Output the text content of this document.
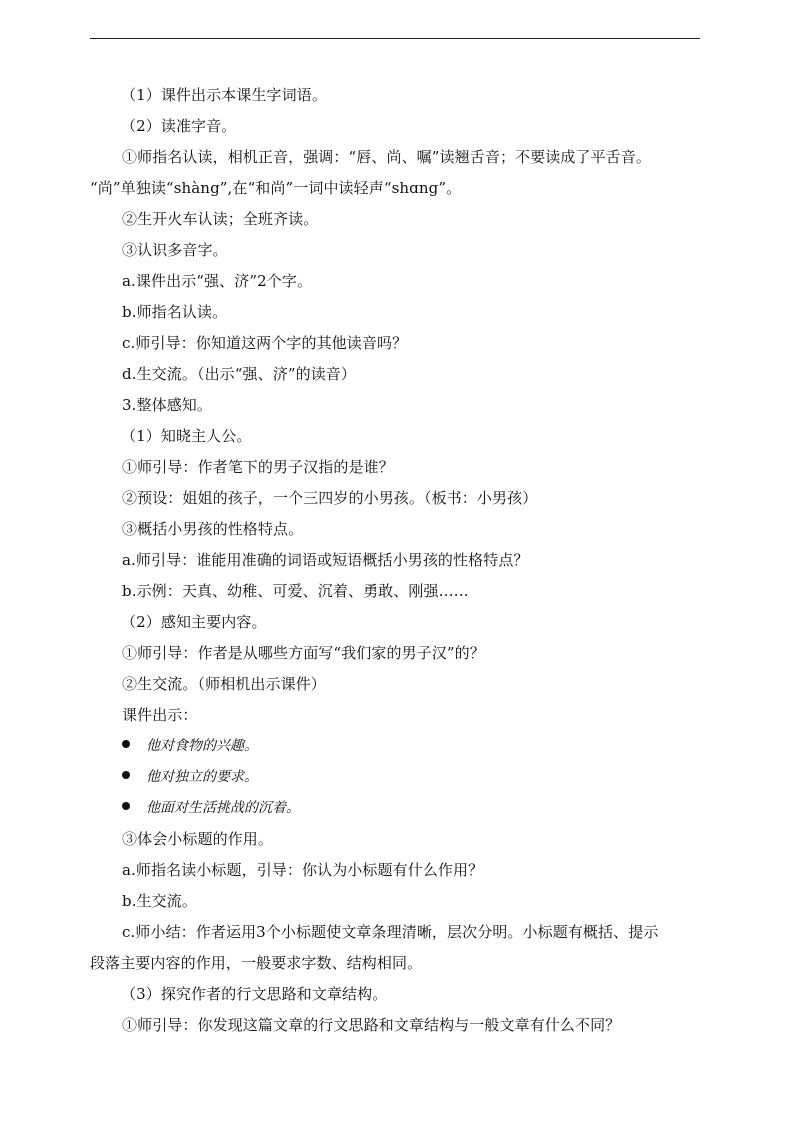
（1）课件出示本课生字词语。
（2）读准字音。
①师指名认读，相机正音，强调：“唇、尚、嘱”读翘舌音；不要读成了平舌音。
“尚”单独读“shàng”,在“和尚”一词中读轻声“shɑng”。
②生开火车认读；全班齐读。
③认识多音字。
a.课件出示“强、济”2个字。
b.师指名认读。
c.师引导：你知道这两个字的其他读音吗？
d.生交流。（出示“强、济”的读音）
3.整体感知。
（1）知晓主人公。
①师引导：作者笔下的男子汉指的是谁？
②预设：姐姐的孩子，一个三四岁的小男孩。（板书：小男孩）
③概括小男孩的性格特点。
a.师引导：谁能用准确的词语或短语概括小男孩的性格特点？
b.示例：天真、幼稚、可爱、沉着、勇敢、刚强……
（2）感知主要内容。
①师引导：作者是从哪些方面写“我们家的男子汉”的？
②生交流。（师相机出示课件）
课件出示：
他对食物的兴趣。
他对独立的要求。
他面对生活挑战的沉着。
③体会小标题的作用。
a.师指名读小标题，引导：你认为小标题有什么作用？
b.生交流。
c.师小结：作者运用3个小标题使文章条理清晰，层次分明。小标题有概括、提示
段落主要内容的作用，一般要求字数、结构相同。
（3）探究作者的行文思路和文章结构。
①师引导：你发现这篇文章的行文思路和文章结构与一般文章有什么不同？
